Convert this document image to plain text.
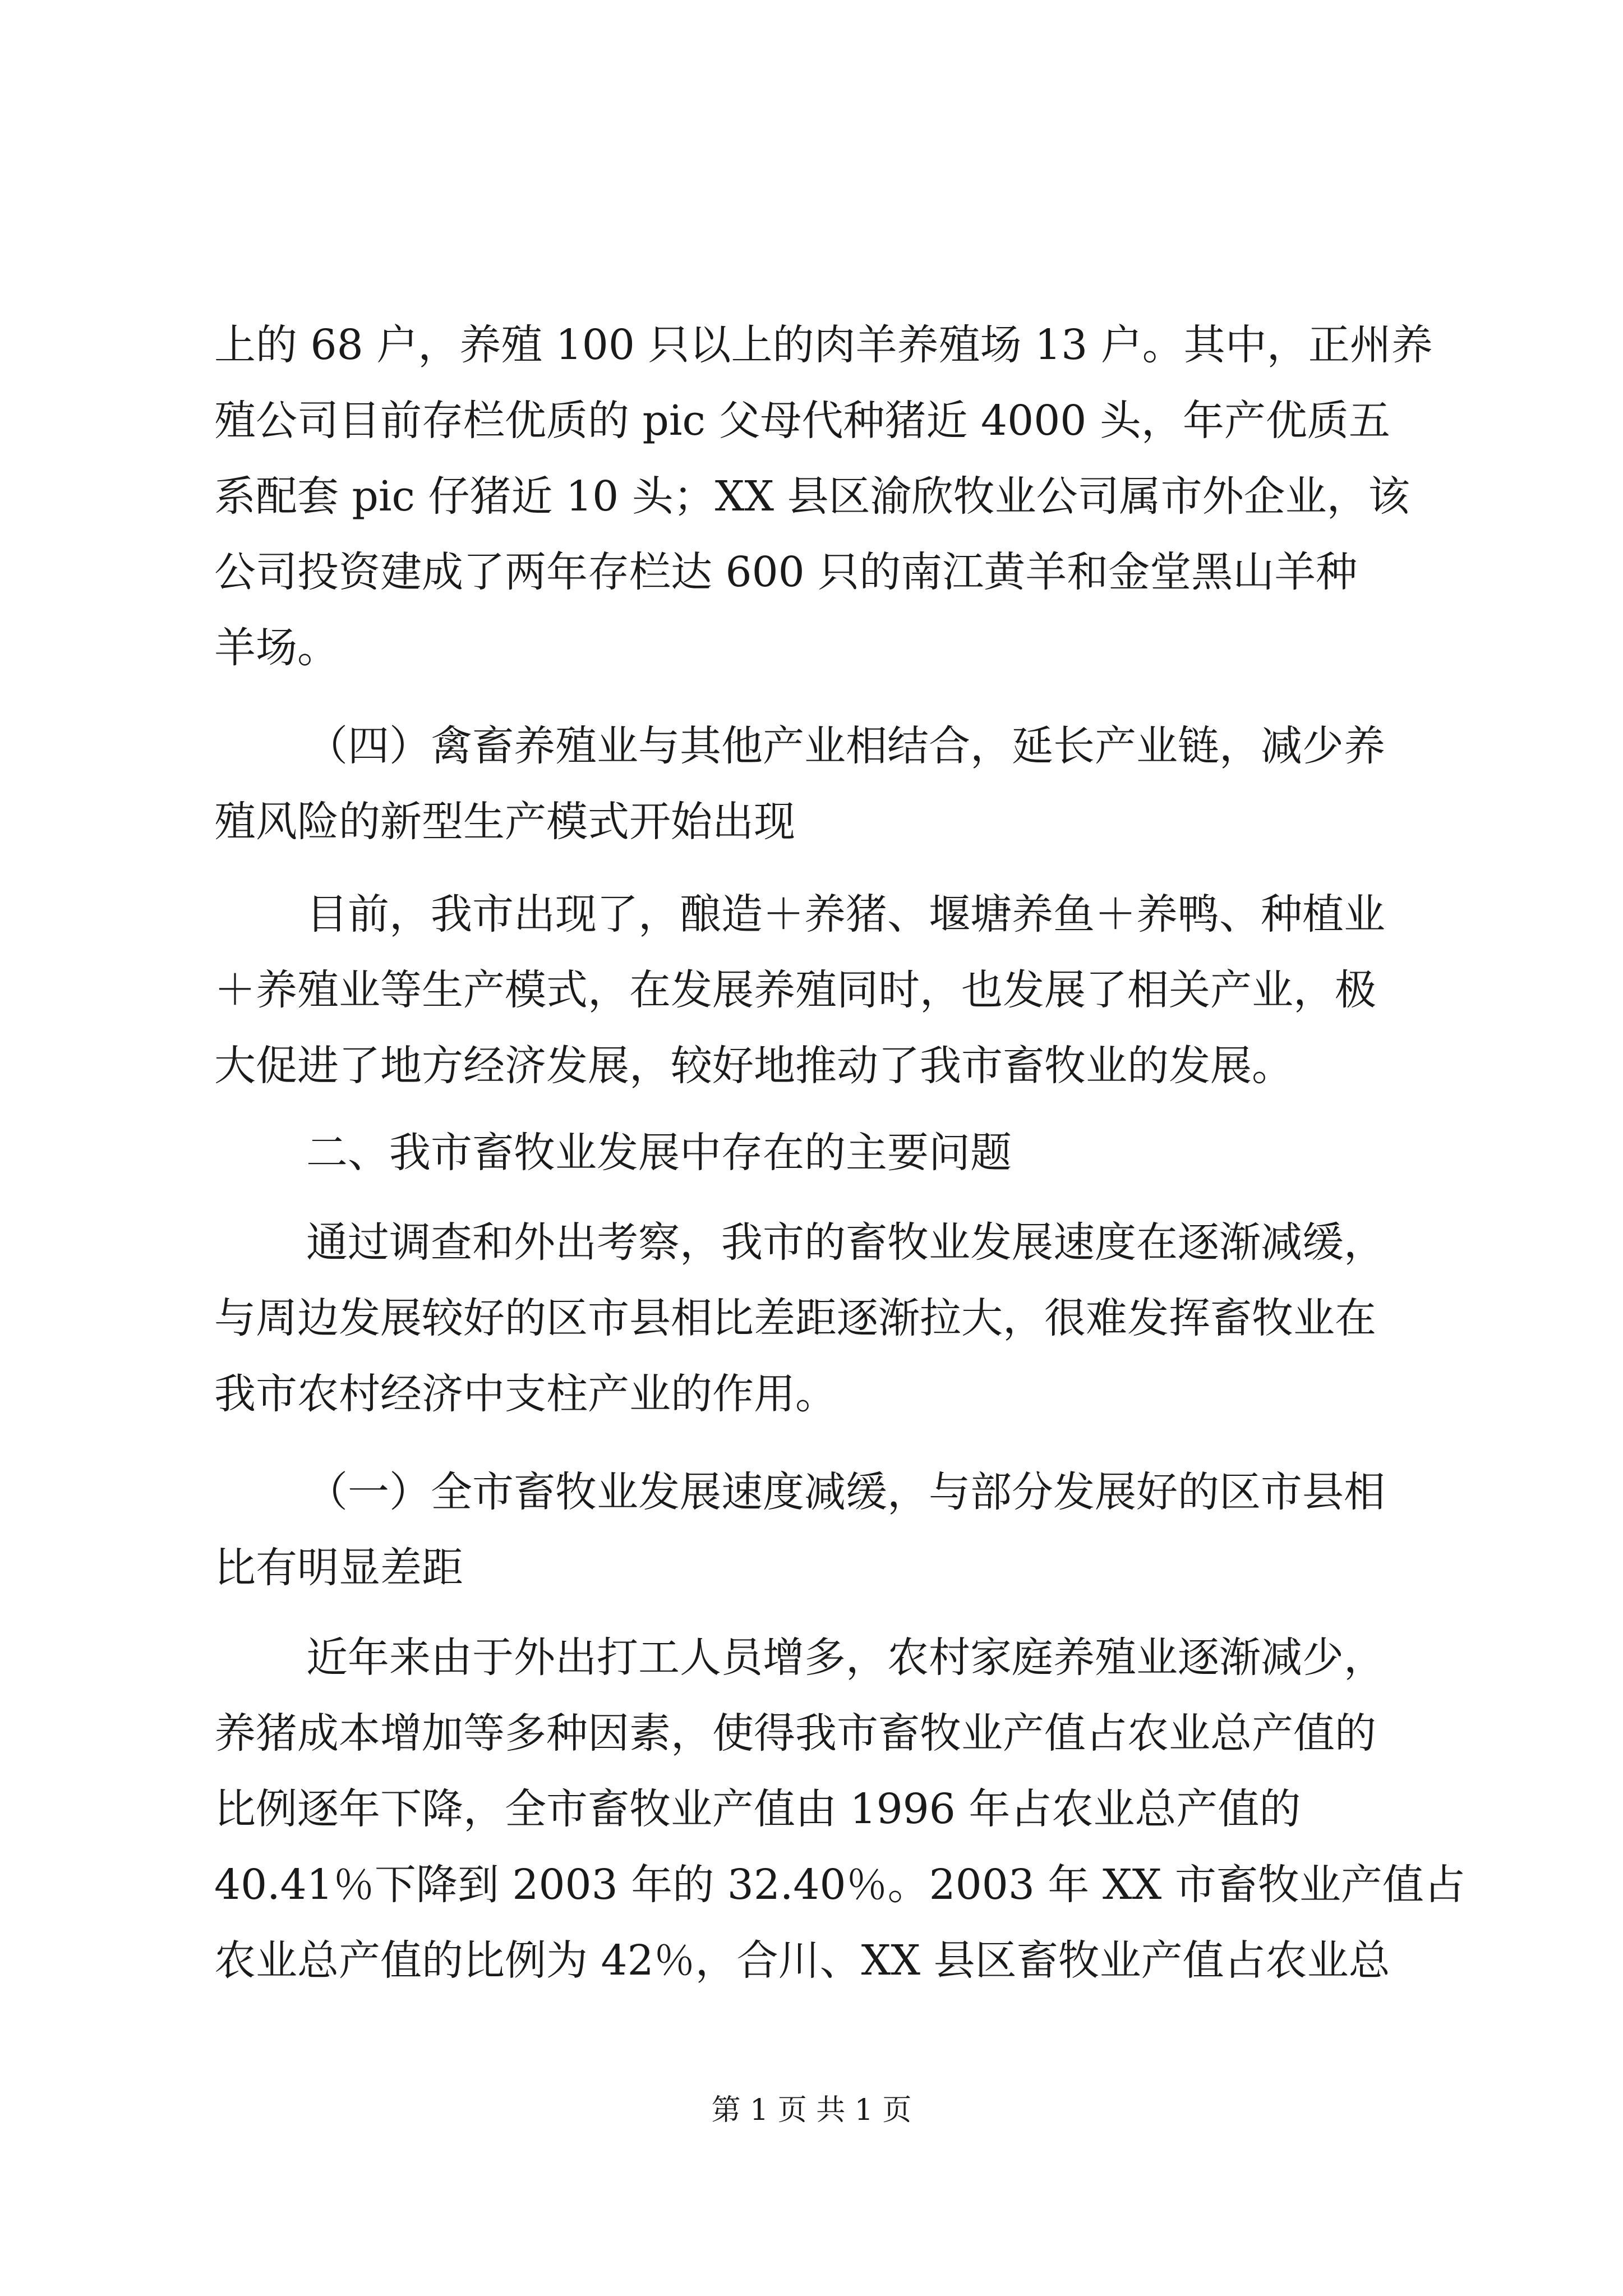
上的 68 户，养殖 100 只以上的肉羊养殖场 13 户。其中，正州养
殖公司目前存栏优质的 pic 父母代种猪近 4000 头，年产优质五
系配套 pic 仔猪近 10 头；XX 县区渝欣牧业公司属市外企业，该
公司投资建成了两年存栏达 600 只的南江黄羊和金堂黑山羊种
羊场。
（四）禽畜养殖业与其他产业相结合，延长产业链，减少养
殖风险的新型生产模式开始出现
目前，我市出现了，酿造＋养猪、堰塘养鱼＋养鸭、种植业
＋养殖业等生产模式，在发展养殖同时，也发展了相关产业，极
大促进了地方经济发展，较好地推动了我市畜牧业的发展。
二、我市畜牧业发展中存在的主要问题
通过调查和外出考察，我市的畜牧业发展速度在逐渐减缓，
与周边发展较好的区市县相比差距逐渐拉大，很难发挥畜牧业在
我市农村经济中支柱产业的作用。
（一）全市畜牧业发展速度减缓，与部分发展好的区市县相
比有明显差距
近年来由于外出打工人员增多，农村家庭养殖业逐渐减少，
养猪成本增加等多种因素，使得我市畜牧业产值占农业总产值的
比例逐年下降，全市畜牧业产值由 1996 年占农业总产值的
40.41％下降到 2003 年的 32.40％。2003 年 XX 市畜牧业产值占
农业总产值的比例为 42％，合川、XX 县区畜牧业产值占农业总
第 1 页 共 1 页
